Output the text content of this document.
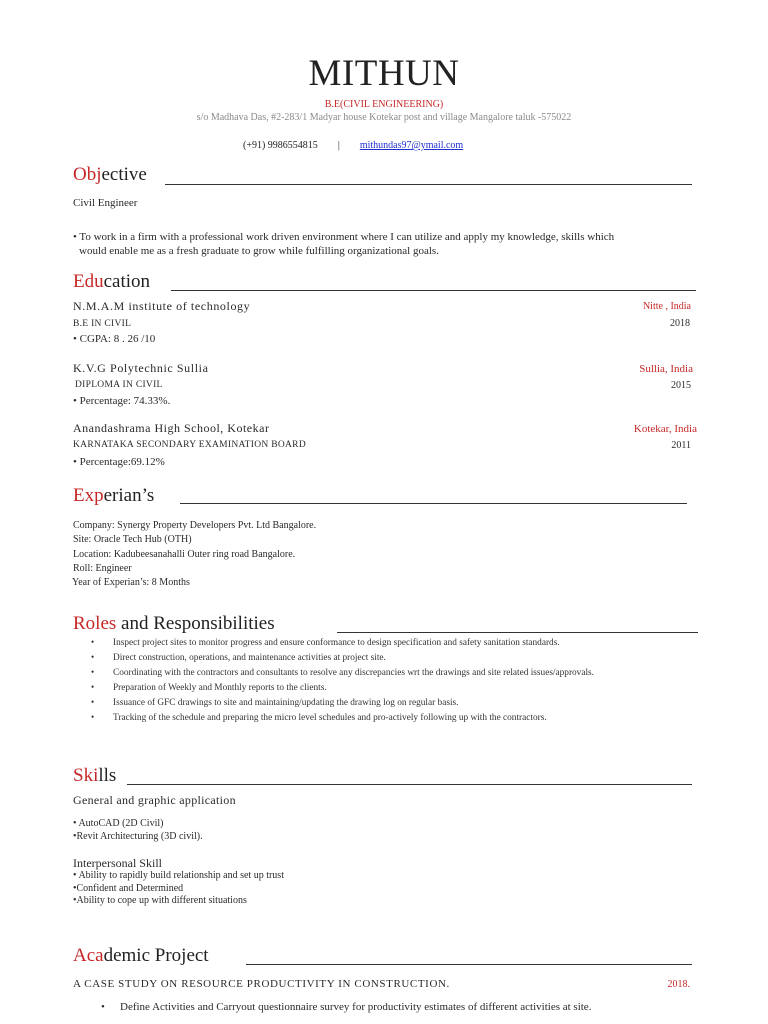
MITHUN
B.E(CIVIL ENGINEERING)
s/o Madhava Das, #2-283/1 Madyar house Kotekar post and village Mangalore taluk -575022
(+91) 9986554815 | mithundas97@ymail.com
Objective
Civil Engineer
• To work in a firm with a professional work driven environment where I can utilize and apply my knowledge, skills which
would enable me as a fresh graduate to grow while fulfilling organizational goals.
Education
N.M.A.M institute of technology	Nitte , India
B.E IN CIVIL	2018
• CGPA: 8 . 26 /10
K.V.G Polytechnic Sullia	Sullia, India
DIPLOMA IN CIVIL	2015
• Percentage: 74.33%.
Anandashrama High School, Kotekar	Kotekar, India
KARNATAKA SECONDARY EXAMINATION BOARD	2011
• Percentage:69.12%
Experian’s
Company: Synergy Property Developers Pvt. Ltd Bangalore.
Site: Oracle Tech Hub (OTH)
Location: Kadubeesanahalli Outer ring road Bangalore.
Roll: Engineer
Year of Experian’s: 8 Months
Roles and Responsibilities
• Inspect project sites to monitor progress and ensure conformance to design specification and safety sanitation standards.
• Direct construction, operations, and maintenance activities at project site.
• Coordinating with the contractors and consultants to resolve any discrepancies wrt the drawings and site related issues/approvals.
• Preparation of Weekly and Monthly reports to the clients.
• Issuance of GFC drawings to site and maintaining/updating the drawing log on regular basis.
• Tracking of the schedule and preparing the micro level schedules and pro-actively following up with the contractors.
Skills
General and graphic application
• AutoCAD (2D Civil)
•Revit Architecturing (3D civil).
Interpersonal Skill
• Ability to rapidly build relationship and set up trust
•Confident and Determined
•Ability to cope up with different situations
Academic Project
A CASE STUDY ON RESOURCE PRODUCTIVITY IN CONSTRUCTION.	2018.
• Define Activities and Carryout questionnaire survey for productivity estimates of different activities at site.
